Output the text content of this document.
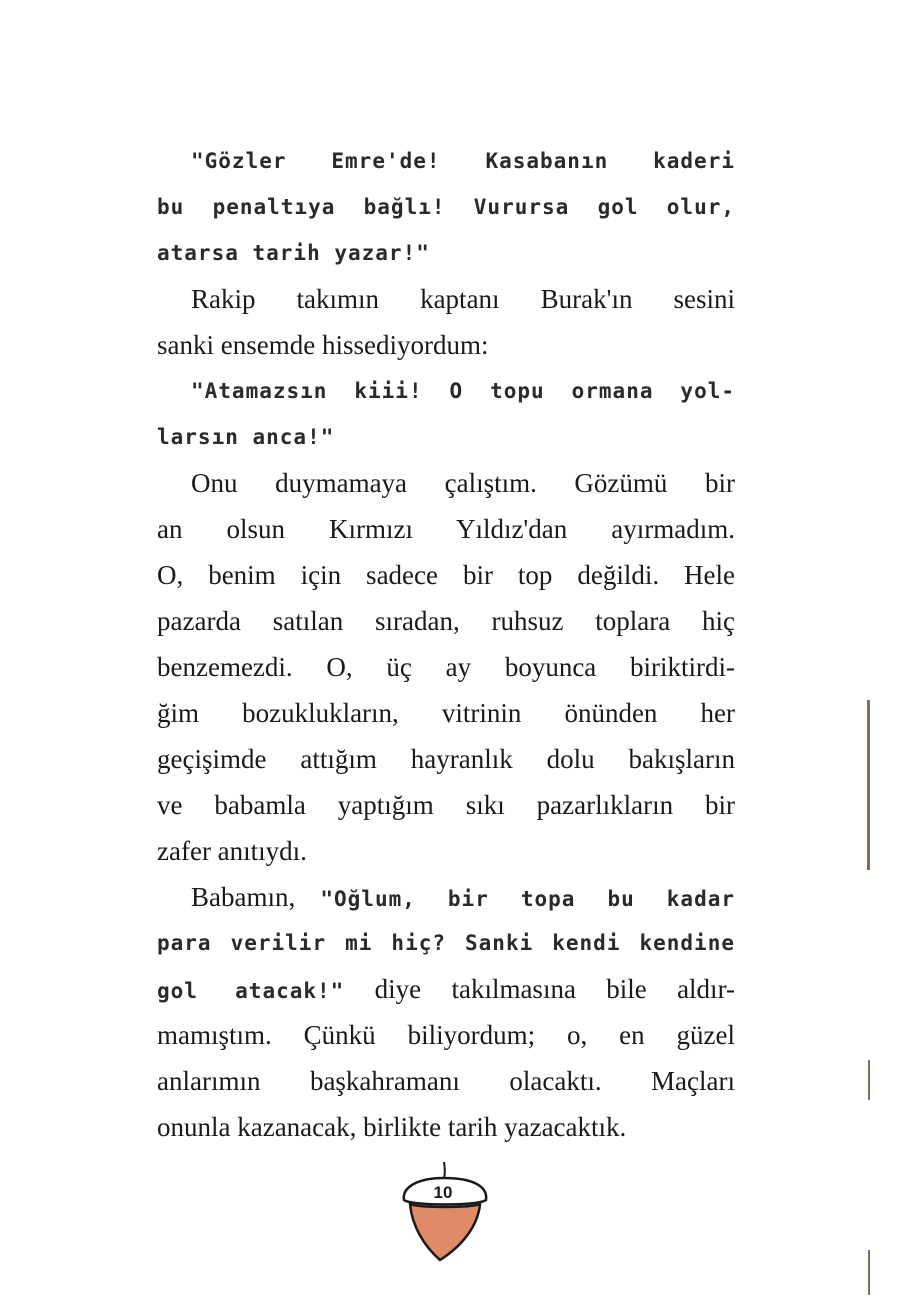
"Gözler Emre'de! Kasabanın kaderi
bu penaltıya bağlı! Vurursa gol olur,
atarsa tarih yazar!"
Rakip takımın kaptanı Burak'ın sesini
sanki ensemde hissediyordum:
"Atamazsın kiii! O topu ormana yol-
larsın anca!"
Onu duymamaya çalıştım. Gözümü bir
an olsun Kırmızı Yıldız'dan ayırmadım.
O, benim için sadece bir top değildi. Hele
pazarda satılan sıradan, ruhsuz toplara hiç
benzemezdi. O, üç ay boyunca biriktirdi-
ğim bozuklukların, vitrinin önünden her
geçişimde attığım hayranlık dolu bakışların
ve babamla yaptığım sıkı pazarlıkların bir
zafer anıtıydı.
Babamın, "Oğlum, bir topa bu kadar
para verilir mi hiç? Sanki kendi kendine
gol atacak!" diye takılmasına bile aldır-
mamıştım. Çünkü biliyordum; o, en güzel
anlarımın başkahramanı olacaktı. Maçları
onunla kazanacak, birlikte tarih yazacaktık.
10
